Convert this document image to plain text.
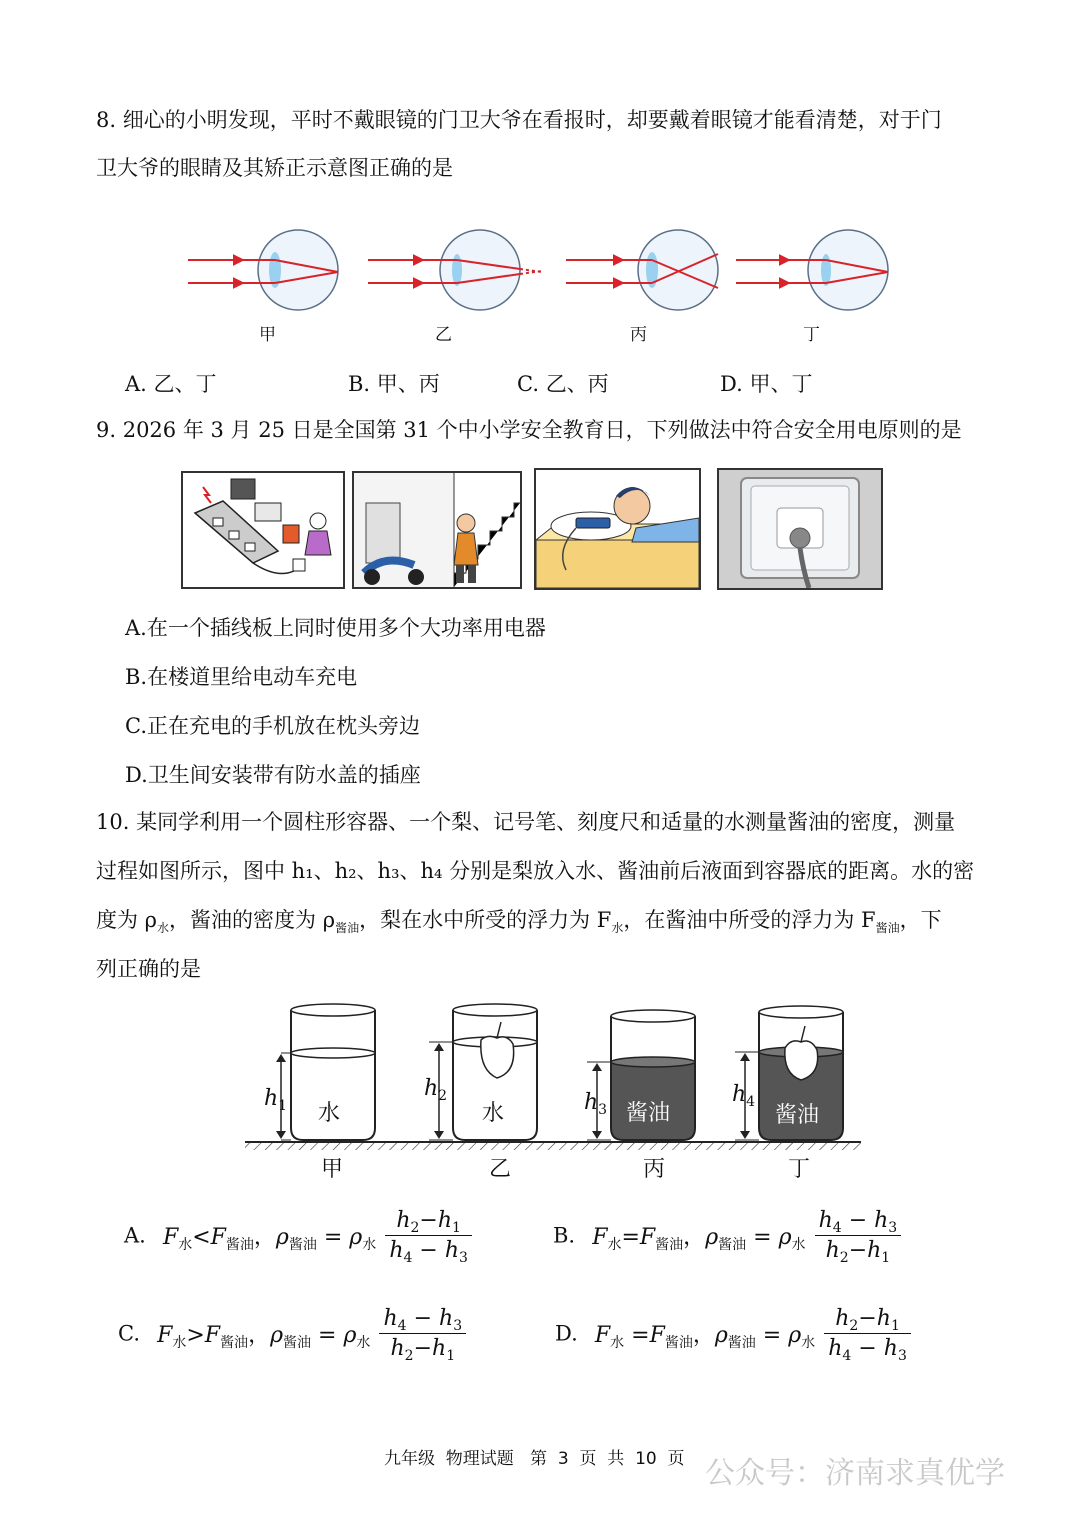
8. 细心的小明发现，平时不戴眼镜的门卫大爷在看报时，却要戴着眼镜才能看清楚，对于门
卫大爷的眼睛及其矫正示意图正确的是
甲	乙	丙	丁
A. 乙、丁	B. 甲、丙	C. 乙、丙	D. 甲、丁
9. 2026 年 3 月 25 日是全国第 31 个中小学安全教育日，下列做法中符合安全用电原则的是
A.在一个插线板上同时使用多个大功率用电器
B.在楼道里给电动车充电
C.正在充电的手机放在枕头旁边
D.卫生间安装带有防水盖的插座
10. 某同学利用一个圆柱形容器、一个梨、记号笔、刻度尺和适量的水测量酱油的密度，测量
过程如图所示，图中 h₁、h₂、h₃、h₄ 分别是梨放入水、酱油前后液面到容器底的距离。水的密
度为 $\rho_水$，酱油的密度为 $\rho_{酱油}$，梨在水中所受的浮力为 $F_水$，在酱油中所受的浮力为 $F_{酱油}$，下
列正确的是
$h_1$ 水
$h_2$
水	$h_3$ 酱油
$h_4$
酱油
甲	乙	丙	丁
A. $F_水<F_{酱油}$，$\rho_{酱油} = \rho_水 \frac{h_2-h_1}{h_4 - h_3}$	B. $F_水=F_{酱油}$，$\rho_{酱油} = \rho_水 \frac{h_4 - h_3}{h_2-h_1}$
C. $F_水>F_{酱油}$，$\rho_{酱油} = \rho_水 \frac{h_4 - h_3}{h_2-h_1}$	D. $F_水 =F_{酱油}$，$\rho_{酱油} = \rho_水 \frac{h_2-h_1}{h_4 - h_3}$
九年级  物理试题   第  3  页  共  10  页 公众号：济南求真优学
